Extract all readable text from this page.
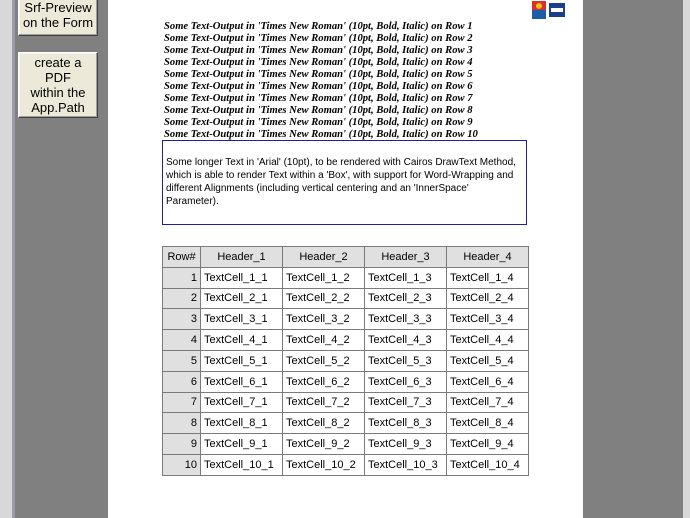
Srf-Preview
on the Form
create a PDF
within the
App.Path
Some Text-Output in 'Times New Roman' (10pt, Bold, Italic) on Row 1
Some Text-Output in 'Times New Roman' (10pt, Bold, Italic) on Row 2
Some Text-Output in 'Times New Roman' (10pt, Bold, Italic) on Row 3
Some Text-Output in 'Times New Roman' (10pt, Bold, Italic) on Row 4
Some Text-Output in 'Times New Roman' (10pt, Bold, Italic) on Row 5
Some Text-Output in 'Times New Roman' (10pt, Bold, Italic) on Row 6
Some Text-Output in 'Times New Roman' (10pt, Bold, Italic) on Row 7
Some Text-Output in 'Times New Roman' (10pt, Bold, Italic) on Row 8
Some Text-Output in 'Times New Roman' (10pt, Bold, Italic) on Row 9
Some Text-Output in 'Times New Roman' (10pt, Bold, Italic) on Row 10
Some longer Text in 'Arial' (10pt), to be rendered with Cairos DrawText Method, which is able to render Text within a 'Box', with support for Word-Wrapping and different Alignments (including vertical centering and an 'InnerSpace' Parameter).
Row#	Header_1	Header_2	Header_3	Header_4
1	TextCell_1_1	TextCell_1_2	TextCell_1_3	TextCell_1_4
2	TextCell_2_1	TextCell_2_2	TextCell_2_3	TextCell_2_4
3	TextCell_3_1	TextCell_3_2	TextCell_3_3	TextCell_3_4
4	TextCell_4_1	TextCell_4_2	TextCell_4_3	TextCell_4_4
5	TextCell_5_1	TextCell_5_2	TextCell_5_3	TextCell_5_4
6	TextCell_6_1	TextCell_6_2	TextCell_6_3	TextCell_6_4
7	TextCell_7_1	TextCell_7_2	TextCell_7_3	TextCell_7_4
8	TextCell_8_1	TextCell_8_2	TextCell_8_3	TextCell_8_4
9	TextCell_9_1	TextCell_9_2	TextCell_9_3	TextCell_9_4
10	TextCell_10_1	TextCell_10_2	TextCell_10_3	TextCell_10_4
